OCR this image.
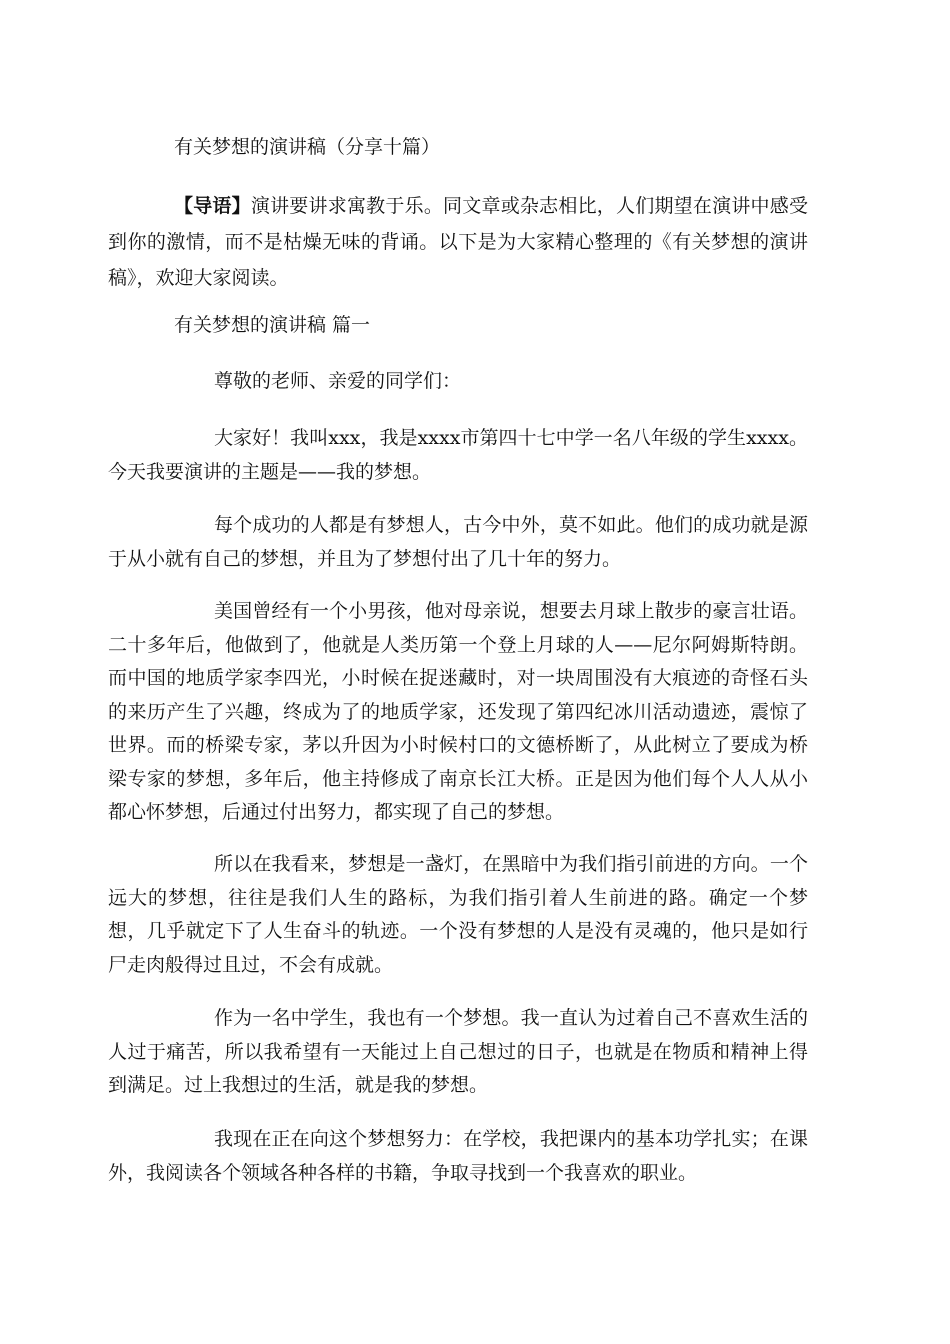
有关梦想的演讲稿（分享十篇）
【导语】演讲要讲求寓教于乐。同文章或杂志相比，人们期望在演讲中感受到你的激情，而不是枯燥无味的背诵。以下是为大家精心整理的《有关梦想的演讲稿》，欢迎大家阅读。
有关梦想的演讲稿 篇一
尊敬的老师、亲爱的同学们：

大家好！我叫xxx，我是xxxx市第四十七中学一名八年级的学生xxxx。今天我要演讲的主题是——我的梦想。

每个成功的人都是有梦想人，古今中外，莫不如此。他们的成功就是源于从小就有自己的梦想，并且为了梦想付出了几十年的努力。

美国曾经有一个小男孩，他对母亲说，想要去月球上散步的豪言壮语。二十多年后，他做到了，他就是人类历第一个登上月球的人——尼尔阿姆斯特朗。而中国的地质学家李四光，小时候在捉迷藏时，对一块周围没有大痕迹的奇怪石头的来历产生了兴趣，终成为了的地质学家，还发现了第四纪冰川活动遗迹，震惊了世界。而的桥梁专家，茅以升因为小时候村口的文德桥断了，从此树立了要成为桥梁专家的梦想，多年后，他主持修成了南京长江大桥。正是因为他们每个人人从小都心怀梦想，后通过付出努力，都实现了自己的梦想。

所以在我看来，梦想是一盏灯，在黑暗中为我们指引前进的方向。一个远大的梦想，往往是我们人生的路标，为我们指引着人生前进的路。确定一个梦想，几乎就定下了人生奋斗的轨迹。一个没有梦想的人是没有灵魂的，他只是如行尸走肉般得过且过，不会有成就。

作为一名中学生，我也有一个梦想。我一直认为过着自己不喜欢生活的人过于痛苦，所以我希望有一天能过上自己想过的日子，也就是在物质和精神上得到满足。过上我想过的生活，就是我的梦想。

我现在正在向这个梦想努力：在学校，我把课内的基本功学扎实；在课外，我阅读各个领域各种各样的书籍，争取寻找到一个我喜欢的职业。
